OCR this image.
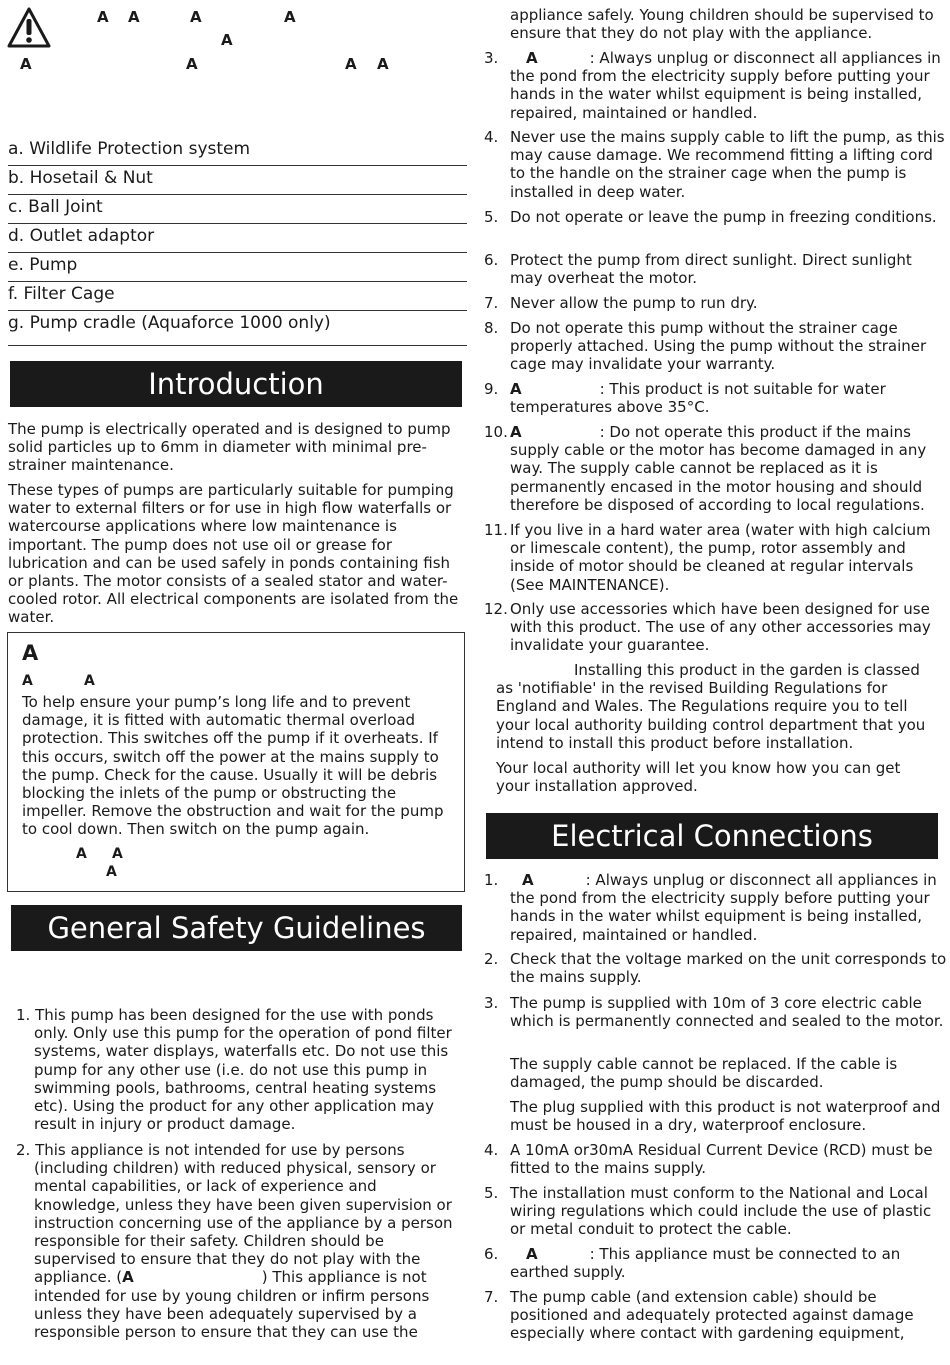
A A	A	A
A
A	A	A A
a. Wildlife Protection system
b. Hosetail & Nut
c. Ball Joint
d. Outlet adaptor
e. Pump
f. Filter Cage
g. Pump cradle (Aquaforce 1000 only)
Introduction

The pump is electrically operated and is designed to pump solid particles up to 6mm in diameter with minimal pre-strainer maintenance.

These types of pumps are particularly suitable for pumping water to external filters or for use in high flow waterfalls or watercourse applications where low maintenance is important. The pump does not use oil or grease for lubrication and can be used safely in ponds containing fish or plants. The motor consists of a sealed stator and water-cooled rotor. All electrical components are isolated from the water.

A
A	A

To help ensure your pump’s long life and to prevent damage, it is fitted with automatic thermal overload protection. This switches off the pump if it overheats. If this occurs, switch off the power at the mains supply to the pump. Check for the cause. Usually it will be debris blocking the inlets of the pump or obstructing the impeller. Remove the obstruction and wait for the pump to cool down. Then switch on the pump again.

A A
A
General Safety Guidelines

1. This pump has been designed for the use with ponds only. Only use this pump for the operation of pond filter systems, water displays, waterfalls etc. Do not use this pump for any other use (i.e. do not use this pump in swimming pools, bathrooms, central heating systems etc). Using the product for any other application may result in injury or product damage.

2. This appliance is not intended for use by persons (including children) with reduced physical, sensory or mental capabilities, or lack of experience and knowledge, unless they have been given supervision or instruction concerning use of the appliance by a person responsible for their safety. Children should be supervised to ensure that they do not play with the appliance. (A	) This appliance is not intended for use by young children or infirm persons unless they have been adequately supervised by a responsible person to ensure that they can use the

appliance safely. Young children should be supervised to ensure that they do not play with the appliance.

3.	A	: Always unplug or disconnect all appliances in the pond from the electricity supply before putting your hands in the water whilst equipment is being installed, repaired, maintained or handled.

4. Never use the mains supply cable to lift the pump, as this may cause damage. We recommend fitting a lifting cord to the handle on the strainer cage when the pump is installed in deep water.

5. Do not operate or leave the pump in freezing conditions.

6. Protect the pump from direct sunlight. Direct sunlight may overheat the motor.

7. Never allow the pump to run dry.

8. Do not operate this pump without the strainer cage properly attached. Using the pump without the strainer cage may invalidate your warranty.

9. A	: This product is not suitable for water temperatures above 35°C.

10. A	: Do not operate this product if the mains supply cable or the motor has become damaged in any way. The supply cable cannot be replaced as it is permanently encased in the motor housing and should therefore be disposed of according to local regulations.

11. If you live in a hard water area (water with high calcium or limescale content), the pump, rotor assembly and inside of motor should be cleaned at regular intervals (See MAINTENANCE).

12. Only use accessories which have been designed for use with this product. The use of any other accessories may invalidate your guarantee.

Installing this product in the garden is classed as 'notifiable' in the revised Building Regulations for England and Wales. The Regulations require you to tell your local authority building control department that you intend to install this product before installation.

Your local authority will let you know how you can get your installation approved.

Electrical Connections

1.	A	: Always unplug or disconnect all appliances in the pond from the electricity supply before putting your hands in the water whilst equipment is being installed, repaired, maintained or handled.

2. Check that the voltage marked on the unit corresponds to the mains supply.

3. The pump is supplied with 10m of 3 core electric cable which is permanently connected and sealed to the motor.

The supply cable cannot be replaced. If the cable is damaged, the pump should be discarded.

The plug supplied with this product is not waterproof and must be housed in a dry, waterproof enclosure.

4. A 10mA or30mA Residual Current Device (RCD) must be fitted to the mains supply.

5. The installation must conform to the National and Local wiring regulations which could include the use of plastic or metal conduit to protect the cable.

6.	A	: This appliance must be connected to an earthed supply.

7. The pump cable (and extension cable) should be positioned and adequately protected against damage especially where contact with gardening equipment,
